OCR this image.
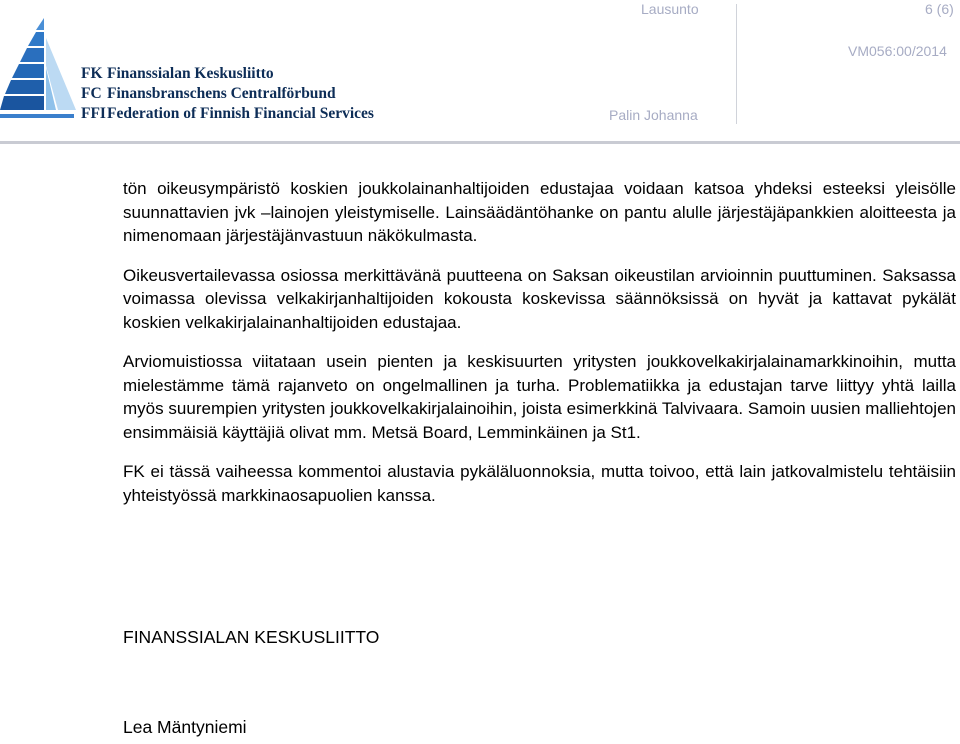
FK Finanssialan Keskusliitto
FC Finansbranschens Centralförbund
FFIFederation of Finnish Financial Services
Lausunto	6 (6)
VM056:00/2014
Palin Johanna

tön oikeusympäristö koskien joukkolainanhaltijoiden edustajaa voidaan katsoa yhdeksi esteeksi yleisölle suunnattavien jvk –lainojen yleistymiselle. Lainsäädäntöhanke on pantu alulle järjestäjäpankkien aloitteesta ja nimenomaan järjestäjänvastuun näkökulmasta.

Oikeusvertailevassa osiossa merkittävänä puutteena on Saksan oikeustilan arvioinnin puuttuminen. Saksassa voimassa olevissa velkakirjanhaltijoiden kokousta koskevissa säännöksissä on hyvät ja kattavat pykälät koskien velkakirjalainanhaltijoiden edustajaa.

Arviomuistiossa viitataan usein pienten ja keskisuurten yritysten joukkovelkakirjalainamarkkinoihin, mutta mielestämme tämä rajanveto on ongelmallinen ja turha. Problematiikka ja edustajan tarve liittyy yhtä lailla myös suurempien yritysten joukkovelkakirjalainoihin, joista esimerkkinä Talvivaara. Samoin uusien malliehtojen ensimmäisiä käyttäjiä olivat mm. Metsä Board, Lemminkäinen ja St1.

FK ei tässä vaiheessa kommentoi alustavia pykäläluonnoksia, mutta toivoo, että lain jatkovalmistelu tehtäisiin yhteistyössä markkinaosapuolien kanssa.

FINANSSIALAN KESKUSLIITTO
Lea Mäntyniemi
